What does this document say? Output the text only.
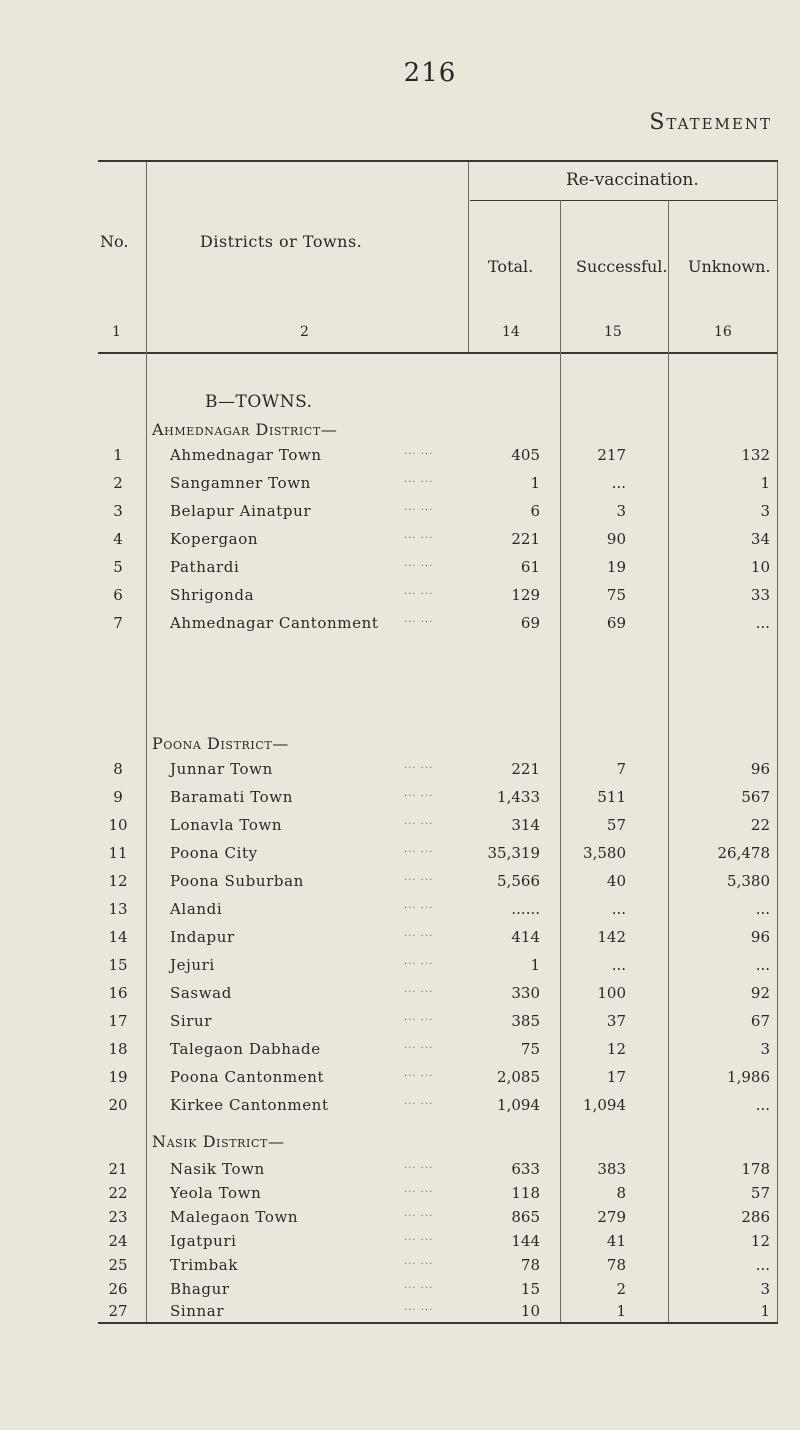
216
Statement
No.	Districts or Towns.
Re-vaccination.
Total.	Successful. Unknown.
1	2	14	15	16
B—TOWNS.
Ahmednagar District—
Poona District—
Nasik District—
1	Ahmednagar Town	... ...	405	217	132
2	Sangamner Town	... ...	1	...	1
3	Belapur Ainatpur	... ...	6	3	3
4	Kopergaon	... ...	221	90	34
5	Pathardi	... ...	61	19	10
6	Shrigonda	... ...	129	75	33
7	Ahmednagar Cantonment	... ...	69	69	...
8	Junnar Town	... ...	221	7	96
9	Baramati Town	... ...	1,433	511	567
10	Lonavla Town	... ...	314	57	22
11	Poona City	... ...	35,319	3,580	26,478
12	Poona Suburban	... ...	5,566	40	5,380
13	Alandi	... ...	......	...	...
14	Indapur	... ...	414	142	96
15	Jejuri	... ...	1	...	...
16	Saswad	... ...	330	100	92
17	Sirur	... ...	385	37	67
18	Talegaon Dabhade	... ...	75	12	3
19	Poona Cantonment	... ...	2,085	17	1,986
20	Kirkee Cantonment	... ...	1,094	1,094	...
21	Nasik Town	... ...	633	383	178
22	Yeola Town	... ...	118	8	57
23	Malegaon Town	... ...	865	279	286
24	Igatpuri	... ...	144	41	12
25	Trimbak	... ...	78	78	...
26	Bhagur	... ...	15	2	3
27	Sinnar	... ...	10	1	1
